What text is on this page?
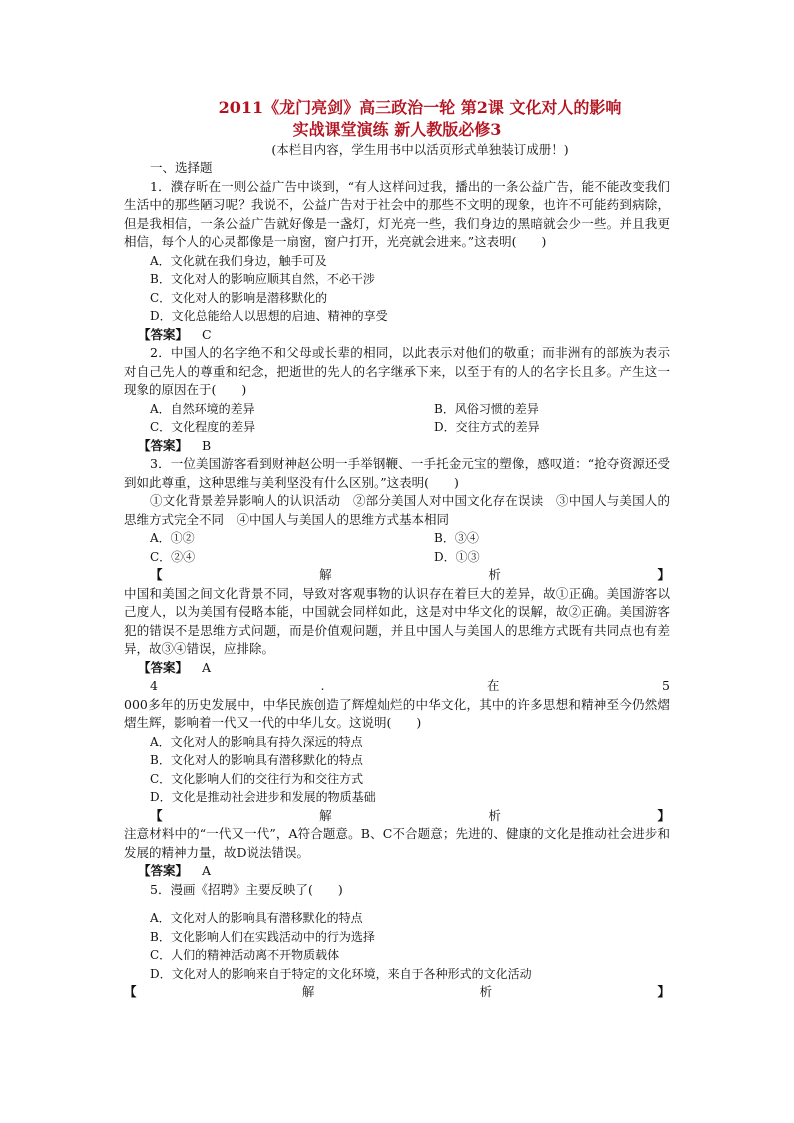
2011《龙门亮剑》高三政治一轮 第2课 文化对人的影响
实战课堂演练 新人教版必修3
(本栏目内容，学生用书中以活页形式单独装订成册！)
一、选择题

1．濮存昕在一则公益广告中谈到，“有人这样问过我，播出的一条公益广告，能不能改变我们生活中的那些陋习呢？我说不，公益广告对于社会中的那些不文明的现象，也许不可能药到病除，但是我相信，一条公益广告就好像是一盏灯，灯光亮一些，我们身边的黑暗就会少一些。并且我更相信，每个人的心灵都像是一扇窗，窗户打开，光亮就会进来。”这表明(　　)

A．文化就在我们身边，触手可及
B．文化对人的影响应顺其自然，不必干涉
C．文化对人的影响是潜移默化的
D．文化总能给人以思想的启迪、精神的享受
【答案】 C

2．中国人的名字绝不和父母或长辈的相同，以此表示对他们的敬重；而非洲有的部族为表示对自己先人的尊重和纪念，把逝世的先人的名字继承下来，以至于有的人的名字长且多。产生这一现象的原因在于(　　)

A．自然环境的差异	B．风俗习惯的差异
C．文化程度的差异	D．交往方式的差异
【答案】 B

3．一位美国游客看到财神赵公明一手举钢鞭、一手托金元宝的塑像，感叹道：“抢夺资源还受到如此尊重，这种思维与美利坚没有什么区别。”这表明(　　)

①文化背景差异影响人的认识活动　②部分美国人对中国文化存在误读　③中国人与美国人的思维方式完全不同　④中国人与美国人的思维方式基本相同

A．①②	B．③④
C．②④	D．①③
【	解	析	】

中国和美国之间文化背景不同，导致对客观事物的认识存在着巨大的差异，故①正确。美国游客以己度人，以为美国有侵略本能，中国就会同样如此，这是对中华文化的误解，故②正确。美国游客犯的错误不是思维方式问题，而是价值观问题，并且中国人与美国人的思维方式既有共同点也有差异，故③④错误，应排除。

【答案】 A
4	.	在	5

000多年的历史发展中，中华民族创造了辉煌灿烂的中华文化，其中的许多思想和精神至今仍然熠熠生辉，影响着一代又一代的中华儿女。这说明(　　)

A．文化对人的影响具有持久深远的特点
B．文化对人的影响具有潜移默化的特点
C．文化影响人们的交往行为和交往方式
D．文化是推动社会进步和发展的物质基础
【	解	析	】

注意材料中的“一代又一代”，A符合题意。B、C不合题意；先进的、健康的文化是推动社会进步和发展的精神力量，故D说法错误。

【答案】 A

5．漫画《招聘》主要反映了(　　)

A．文化对人的影响具有潜移默化的特点
B．文化影响人们在实践活动中的行为选择
C．人们的精神活动离不开物质载体
D．文化对人的影响来自于特定的文化环境，来自于各种形式的文化活动
【	解	析	】
